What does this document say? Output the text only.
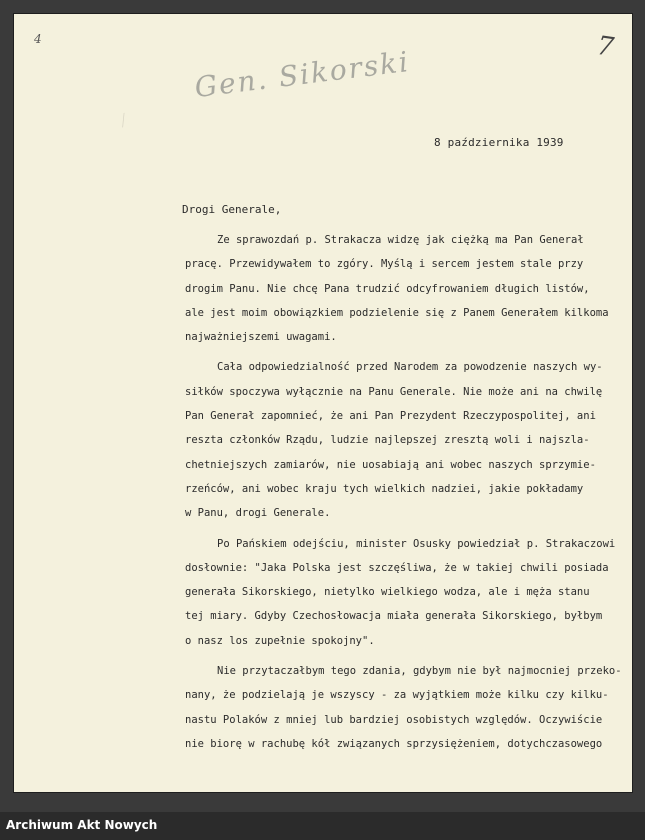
4	7
Gen. Sikorski
⁄
8 października 1939
Drogi Generale,
Ze sprawozdań p. Strakacza widzę jak ciężką ma Pan Generał
pracę. Przewidywałem to zgóry. Myślą i sercem jestem stale przy
drogim Panu. Nie chcę Pana trudzić odcyfrowaniem długich listów,
ale jest moim obowiązkiem podzielenie się z Panem Generałem kilkoma
najważniejszemi uwagami.
Cała odpowiedzialność przed Narodem za powodzenie naszych wy-
siłków spoczywa wyłącznie na Panu Generale. Nie może ani na chwilę
Pan Generał zapomnieć, że ani Pan Prezydent Rzeczypospolitej, ani
reszta członków Rządu, ludzie najlepszej zresztą woli i najszla-
chetniejszych zamiarów, nie uosabiają ani wobec naszych sprzymie-
rzeńców, ani wobec kraju tych wielkich nadziei, jakie pokładamy
w Panu, drogi Generale.
Po Pańskiem odejściu, minister Osusky powiedział p. Strakaczowi
dosłownie: "Jaka Polska jest szczęśliwa, że w takiej chwili posiada
generała Sikorskiego, nietylko wielkiego wodza, ale i męża stanu
tej miary. Gdyby Czechosłowacja miała generała Sikorskiego, byłbym
o nasz los zupełnie spokojny".
Nie przytaczałbym tego zdania, gdybym nie był najmocniej przeko-
nany, że podzielają je wszyscy - za wyjątkiem może kilku czy kilku-
nastu Polaków z mniej lub bardziej osobistych względów. Oczywiście
nie biorę w rachubę kół związanych sprzysiężeniem, dotychczasowego
Archiwum Akt Nowych
